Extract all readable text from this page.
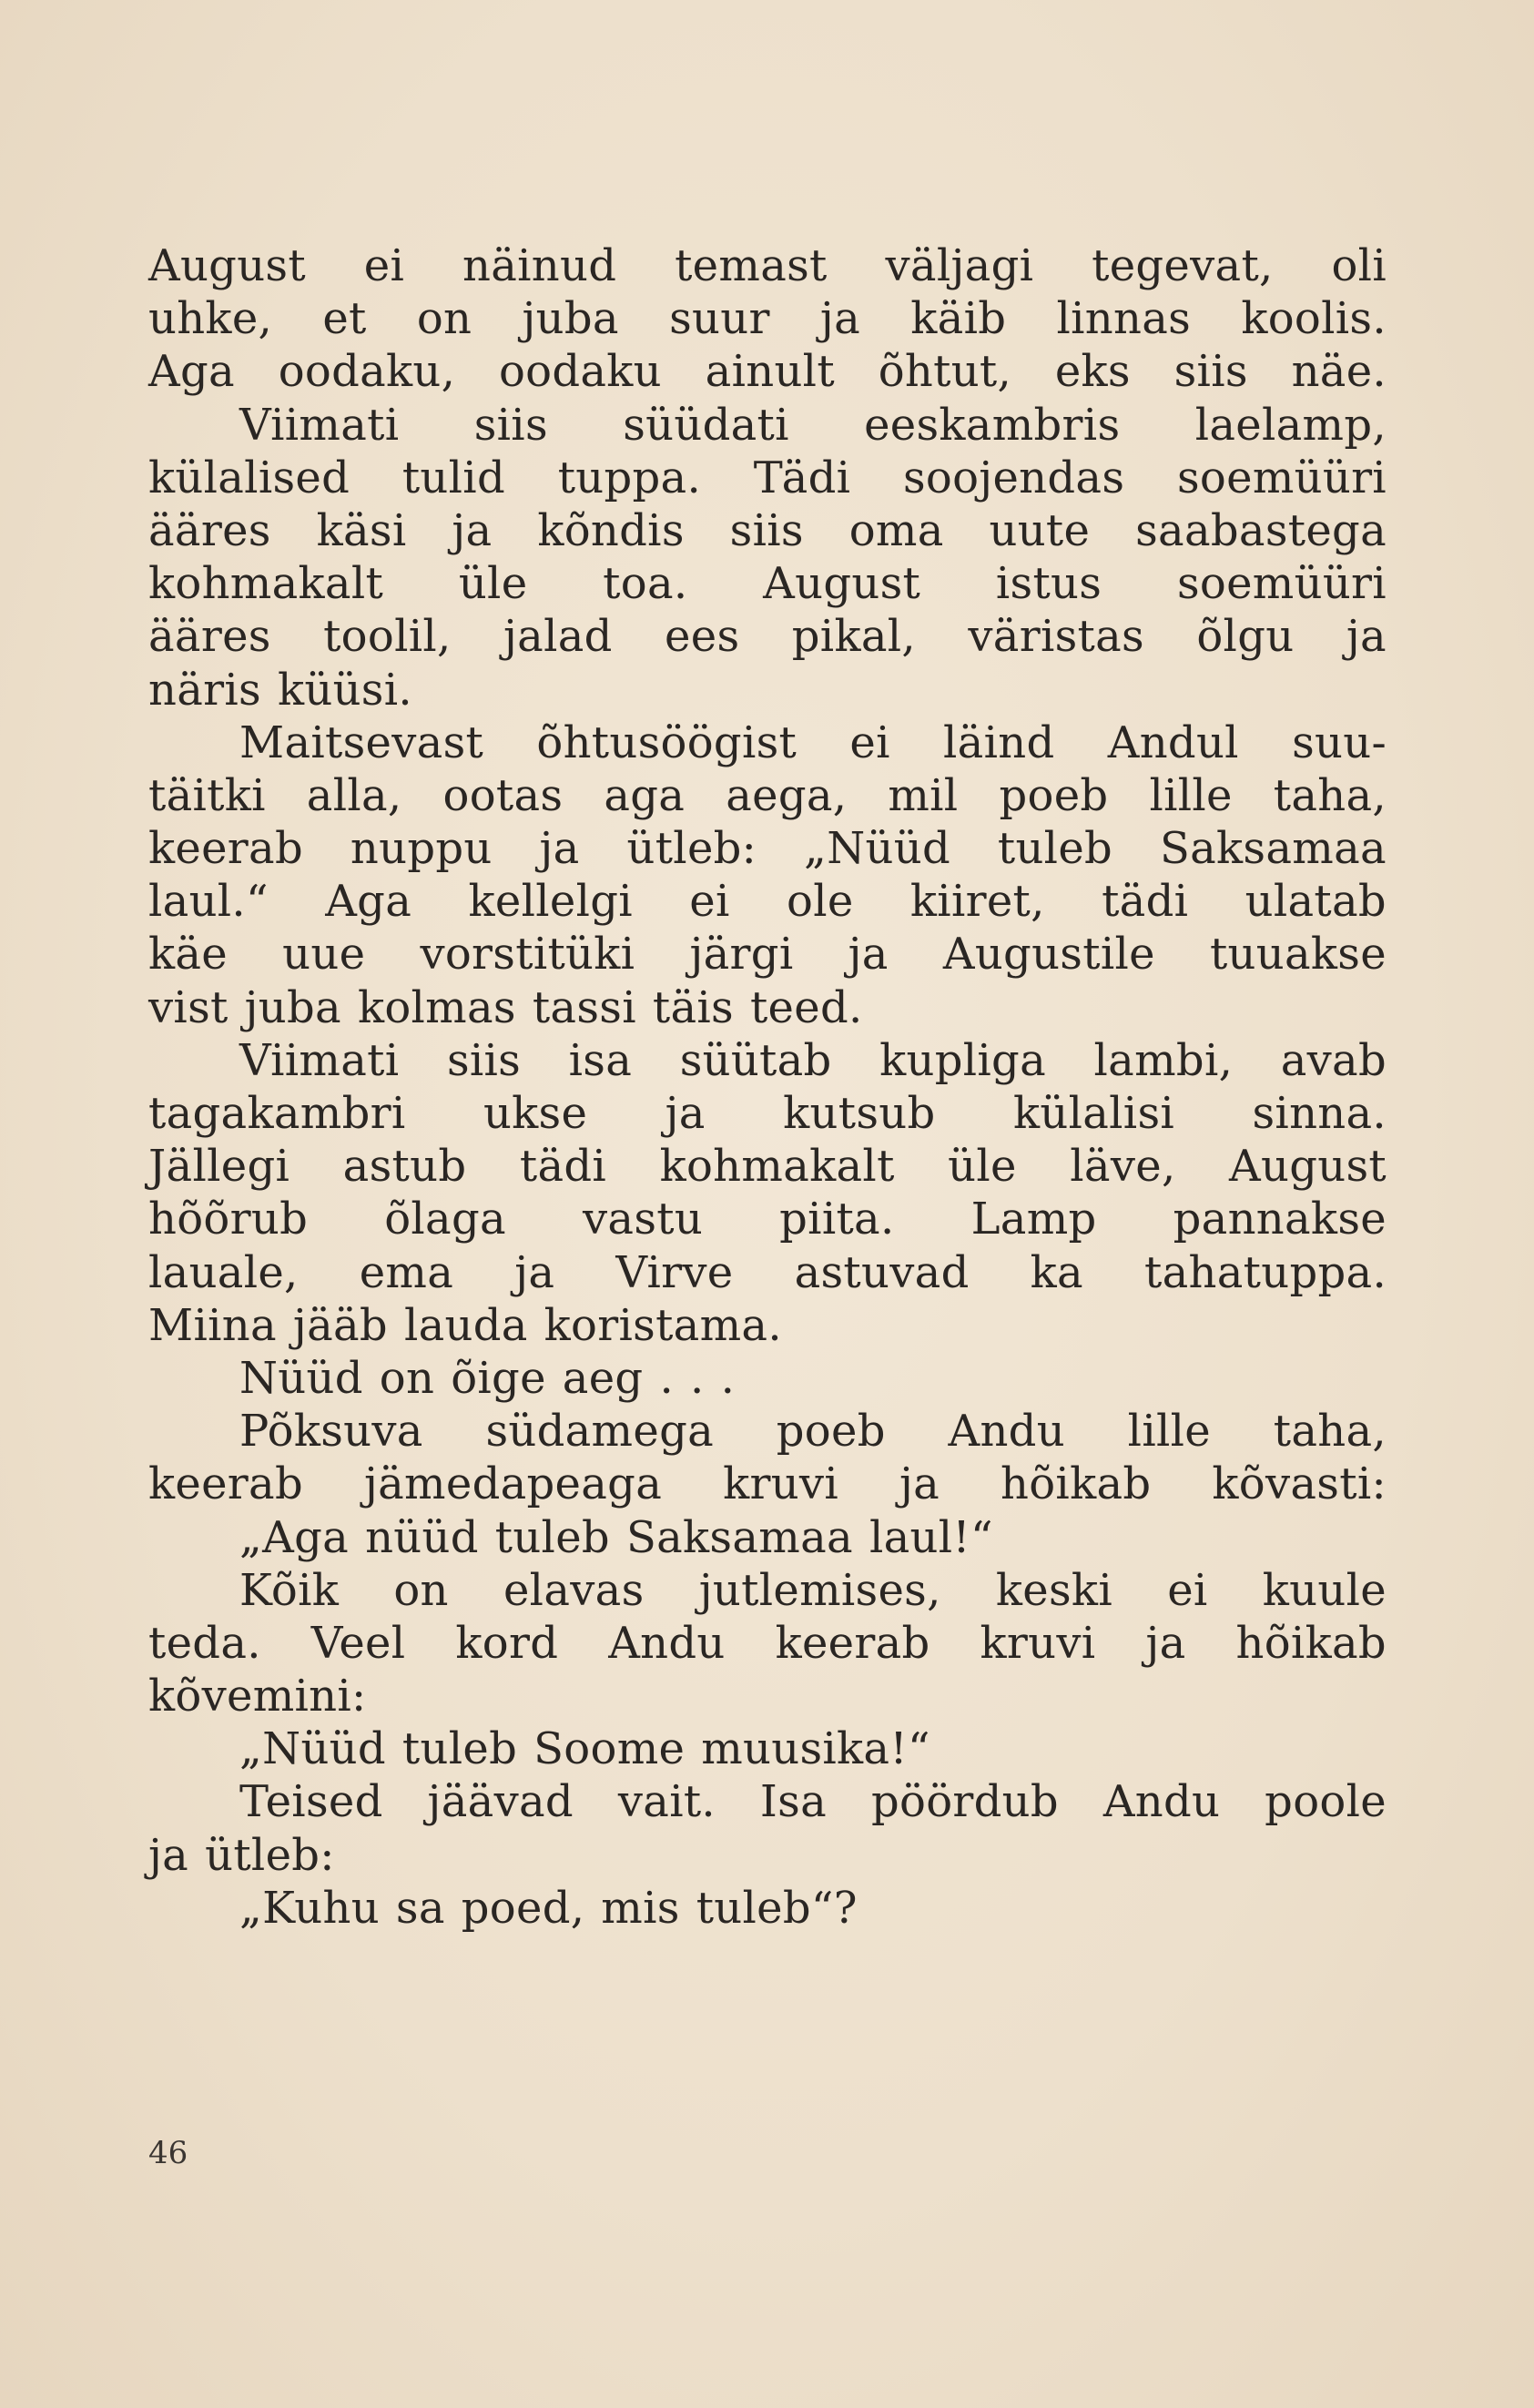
August ei näinud temast väljagi tegevat, oli
uhke, et on juba suur ja käib linnas koolis.
Aga oodaku, oodaku ainult õhtut, eks siis näe.
Viimati siis süüdati eeskambris laelamp,
külalised tulid tuppa. Tädi soojendas soemüüri
ääres käsi ja kõndis siis oma uute saabastega
kohmakalt üle toa. August istus soemüüri
ääres toolil, jalad ees pikal, väristas õlgu ja
näris küüsi.
Maitsevast õhtusöögist ei läind Andul suu-
täitki alla, ootas aga aega, mil poeb lille taha,
keerab nuppu ja ütleb: „Nüüd tuleb Saksamaa
laul.“ Aga kellelgi ei ole kiiret, tädi ulatab
käe uue vorstitüki järgi ja Augustile tuuakse
vist juba kolmas tassi täis teed.
Viimati siis isa süütab kupliga lambi, avab
tagakambri ukse ja kutsub külalisi sinna.
Jällegi astub tädi kohmakalt üle läve, August
hõõrub õlaga vastu piita. Lamp pannakse
lauale, ema ja Virve astuvad ka tahatuppa.
Miina jääb lauda koristama.
Nüüd on õige aeg . . .
Põksuva südamega poeb Andu lille taha,
keerab jämedapeaga kruvi ja hõikab kõvasti:
„Aga nüüd tuleb Saksamaa laul!“
Kõik on elavas jutlemises, keski ei kuule
teda. Veel kord Andu keerab kruvi ja hõikab
kõvemini:
„Nüüd tuleb Soome muusika!“
Teised jäävad vait. Isa pöördub Andu poole
ja ütleb:
„Kuhu sa poed, mis tuleb“?
46
